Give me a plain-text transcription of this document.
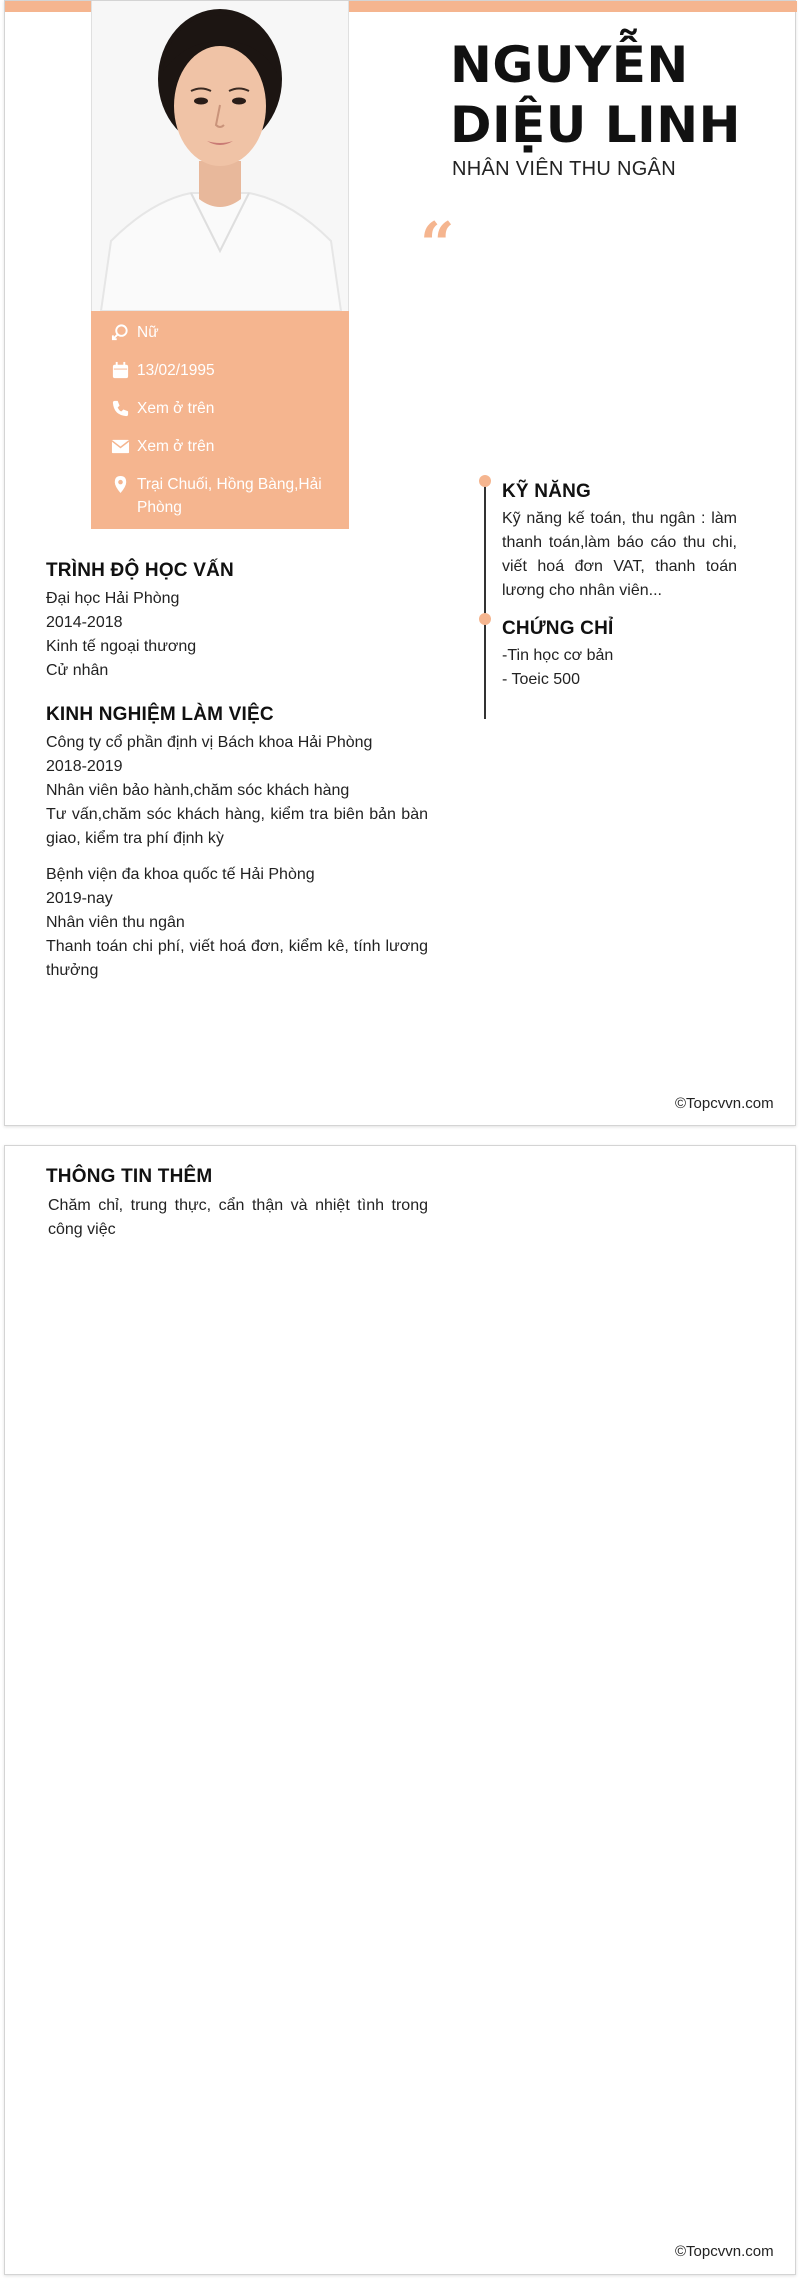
Nữ
13/02/1995
Xem ở trên
Xem ở trên
Trại Chuối, Hồng Bàng,Hải Phòng
NGUYỄN DIỆU LINH
NHÂN VIÊN THU NGÂN
“
KỸ NĂNG
Kỹ năng kế toán, thu ngân : làm thanh toán,làm báo cáo thu chi, viết hoá đơn VAT, thanh toán lương cho nhân viên...
CHỨNG CHỈ
-Tin học cơ bản
- Toeic 500
TRÌNH ĐỘ HỌC VẤN
Đại học Hải Phòng
2014-2018
Kinh tế ngoại thương
Cử nhân
KINH NGHIỆM LÀM VIỆC
Công ty cổ phần định vị Bách khoa Hải Phòng
2018-2019
Nhân viên bảo hành,chăm sóc khách hàng
Tư vấn,chăm sóc khách hàng, kiểm tra biên bản bàn giao, kiểm tra phí định kỳ
Bệnh viện đa khoa quốc tế Hải Phòng
2019-nay
Nhân viên thu ngân
Thanh toán chi phí, viết hoá đơn, kiểm kê, tính lương thưởng
©Topcvvn.com
THÔNG TIN THÊM
Chăm chỉ, trung thực, cẩn thận và nhiệt tình trong công việc
©Topcvvn.com
